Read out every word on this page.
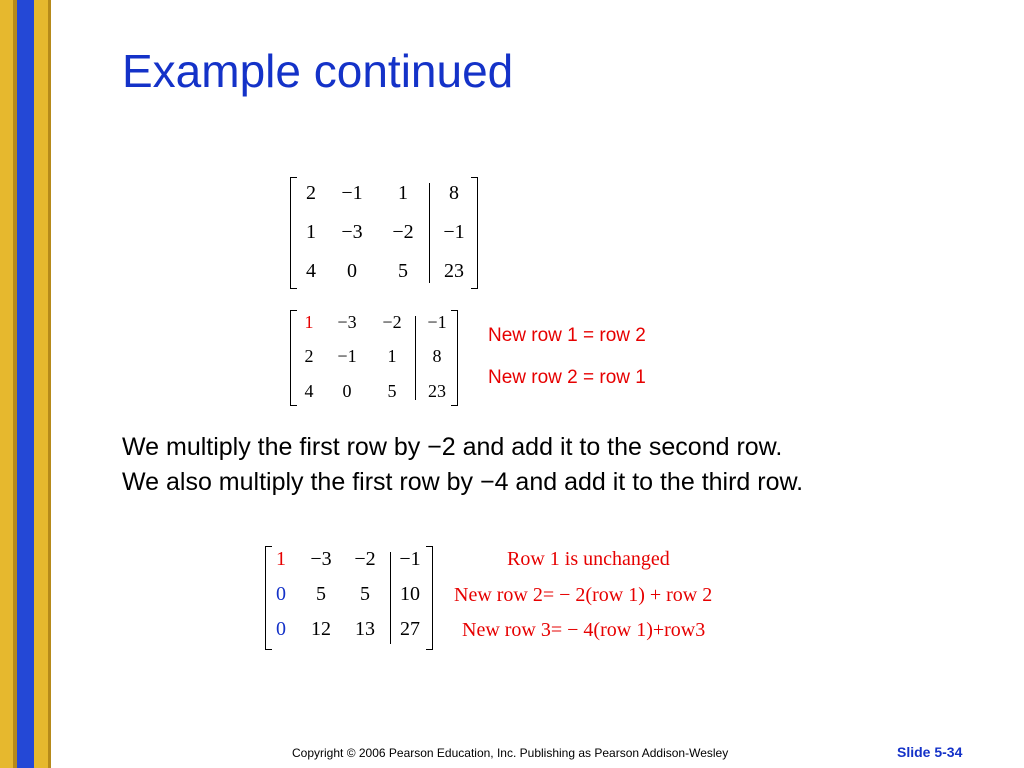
Example continued
2 −1 1 8
1 −3 −2 −1
4 0 5 23
1 −3 −2 −1
2 −1 1 8
4 0 5 23
New row 1 = row 2
New row 2 = row 1
We multiply the first row by −2 and add it to the second row.
We also multiply the first row by −4 and add it to the third row.
1 −3 −2 −1
0 5 5 10
0 12 13 27
Row 1 is unchanged
New row 2= − 2(row 1) + row 2
New row 3= − 4(row 1)+row3
Copyright © 2006 Pearson Education, Inc. Publishing as Pearson Addison-Wesley	Slide 5-34
